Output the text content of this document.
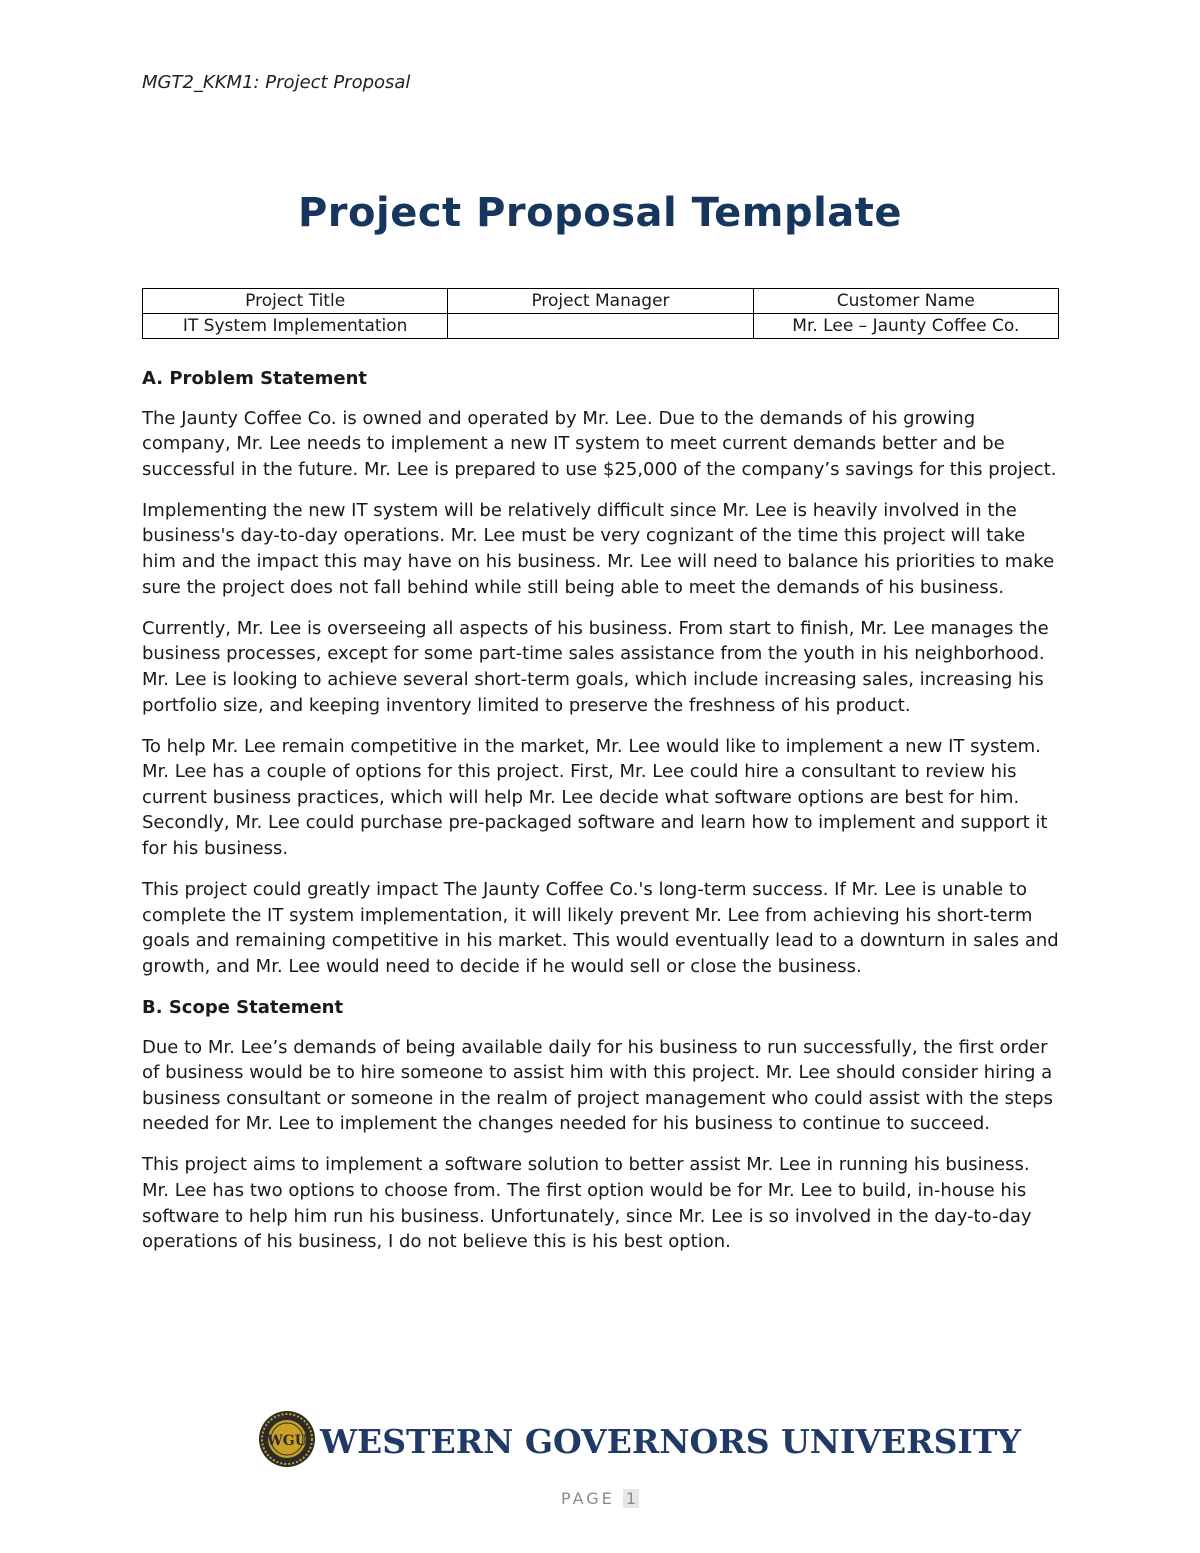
MGT2_KKM1: Project Proposal
Project Proposal Template
Project Title	Project Manager	Customer Name
IT System Implementation		Mr. Lee – Jaunty Coffee Co.
A. Problem Statement

The Jaunty Coffee Co. is owned and operated by Mr. Lee. Due to the demands of his growing company, Mr. Lee needs to implement a new IT system to meet current demands better and be successful in the future. Mr. Lee is prepared to use $25,000 of the company’s savings for this project.

Implementing the new IT system will be relatively difficult since Mr. Lee is heavily involved in the business's day-to-day operations. Mr. Lee must be very cognizant of the time this project will take him and the impact this may have on his business. Mr. Lee will need to balance his priorities to make sure the project does not fall behind while still being able to meet the demands of his business.

Currently, Mr. Lee is overseeing all aspects of his business. From start to finish, Mr. Lee manages the business processes, except for some part-time sales assistance from the youth in his neighborhood. Mr. Lee is looking to achieve several short-term goals, which include increasing sales, increasing his portfolio size, and keeping inventory limited to preserve the freshness of his product.

To help Mr. Lee remain competitive in the market, Mr. Lee would like to implement a new IT system. Mr. Lee has a couple of options for this project. First, Mr. Lee could hire a consultant to review his current business practices, which will help Mr. Lee decide what software options are best for him. Secondly, Mr. Lee could purchase pre-packaged software and learn how to implement and support it for his business.

This project could greatly impact The Jaunty Coffee Co.'s long-term success. If Mr. Lee is unable to complete the IT system implementation, it will likely prevent Mr. Lee from achieving his short-term goals and remaining competitive in his market. This would eventually lead to a downturn in sales and growth, and Mr. Lee would need to decide if he would sell or close the business.

B. Scope Statement

Due to Mr. Lee’s demands of being available daily for his business to run successfully, the first order of business would be to hire someone to assist him with this project. Mr. Lee should consider hiring a business consultant or someone in the realm of project management who could assist with the steps needed for Mr. Lee to implement the changes needed for his business to continue to succeed.

This project aims to implement a software solution to better assist Mr. Lee in running his business. Mr. Lee has two options to choose from. The first option would be for Mr. Lee to build, in-house his software to help him run his business. Unfortunately, since Mr. Lee is so involved in the day-to-day operations of his business, I do not believe this is his best option.

WGU WESTERN GOVERNORS UNIVERSITY
PAGE 1
